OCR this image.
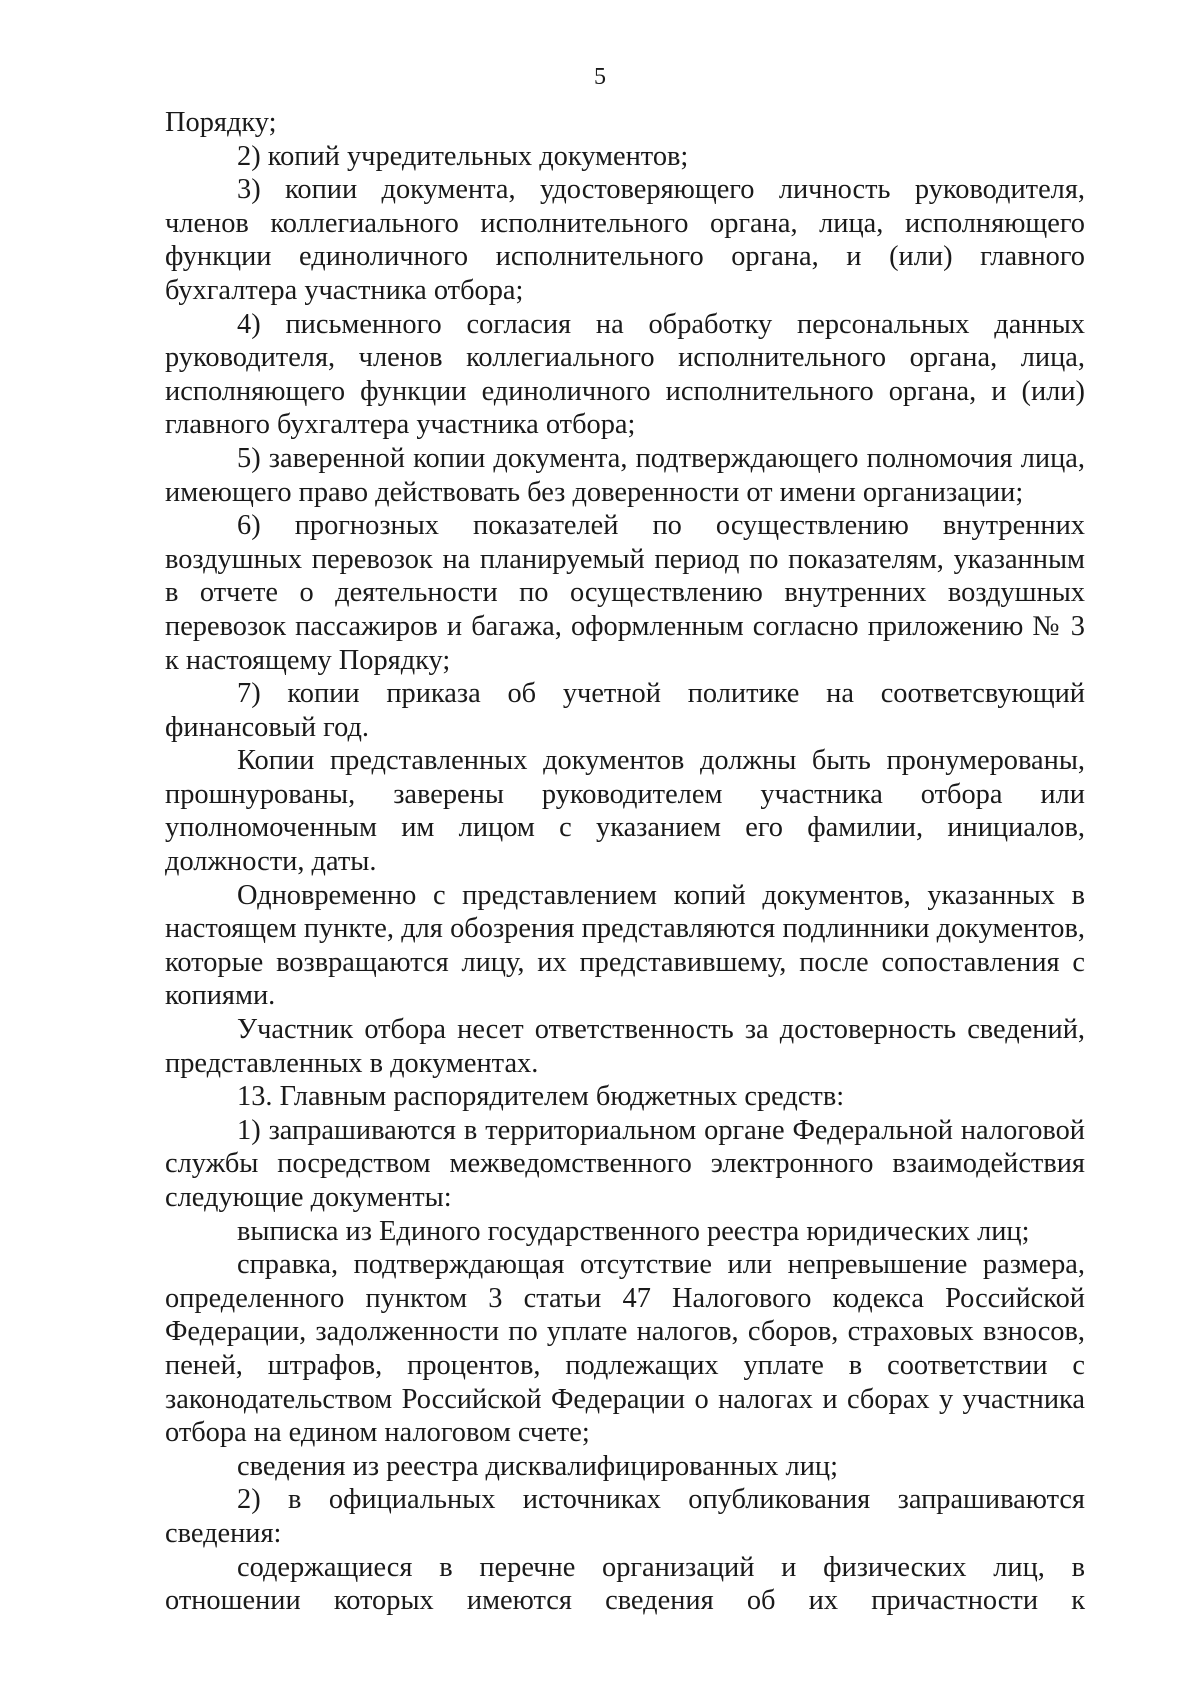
5

Порядку;

2) копий учредительных документов;

3) копии документа, удостоверяющего личность руководителя, членов коллегиального исполнительного органа, лица, исполняющего функции единоличного исполнительного органа, и (или) главного бухгалтера участника отбора;

4) письменного согласия на обработку персональных данных руководителя, членов коллегиального исполнительного органа, лица, исполняющего функции единоличного исполнительного органа, и (или) главного бухгалтера участника отбора;

5) заверенной копии документа, подтверждающего полномочия лица, имеющего право действовать без доверенности от имени организации;

6) прогнозных показателей по осуществлению внутренних воздушных перевозок на планируемый период по показателям, указанным в отчете о деятельности по осуществлению внутренних воздушных перевозок пассажиров и багажа, оформленным согласно приложению № 3 к настоящему Порядку;

7) копии приказа об учетной политике на соответсвующий финансовый год.

Копии представленных документов должны быть пронумерованы, прошнурованы, заверены руководителем участника отбора или уполномоченным им лицом с указанием его фамилии, инициалов, должности, даты.

Одновременно с представлением копий документов, указанных в настоящем пункте, для обозрения представляются подлинники документов, которые возвращаются лицу, их представившему, после сопоставления с копиями.

Участник отбора несет ответственность за достоверность сведений, представленных в документах.

13. Главным распорядителем бюджетных средств:

1) запрашиваются в территориальном органе Федеральной налоговой службы посредством межведомственного электронного взаимодействия следующие документы:

выписка из Единого государственного реестра юридических лиц;

справка, подтверждающая отсутствие или непревышение размера, определенного пунктом 3 статьи 47 Налогового кодекса Российской Федерации, задолженности по уплате налогов, сборов, страховых взносов, пеней, штрафов, процентов, подлежащих уплате в соответствии с законодательством Российской Федерации о налогах и сборах у участника отбора на едином налоговом счете;

сведения из реестра дисквалифицированных лиц;

2) в официальных источниках опубликования запрашиваются сведения:

содержащиеся в перечне организаций и физических лиц, в отношении которых имеются сведения об их причастности к
